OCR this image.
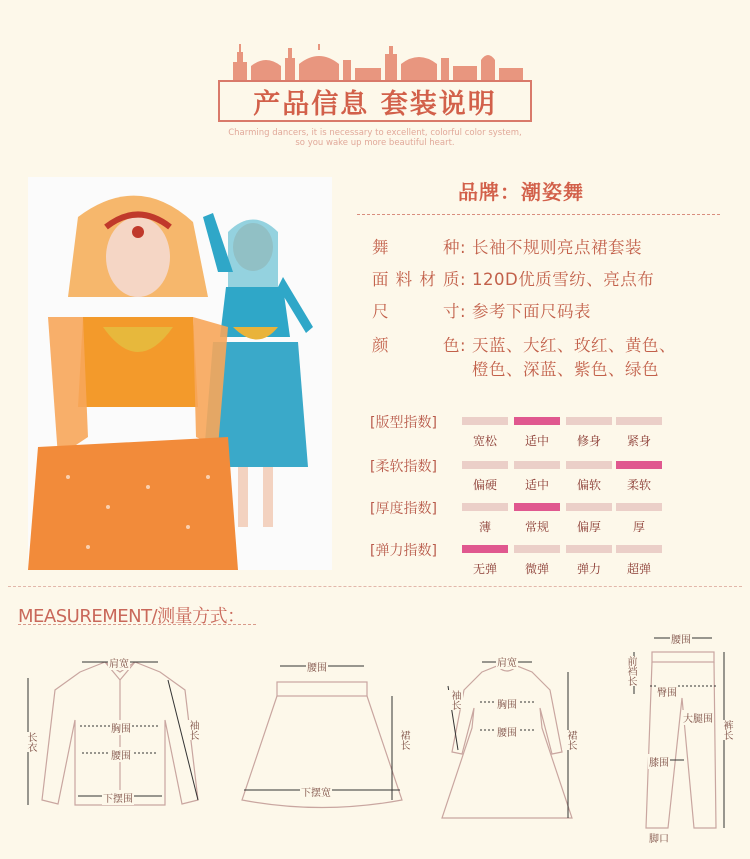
产品信息 套装说明
Charming dancers, it is necessary to excellent, colorful color system,
so you wake up more beautiful heart.
品牌：潮姿舞
舞种: 长袖不规则亮点裙套装
面料材质: 120D优质雪纺、亮点布
尺寸: 参考下面尺码表
颜色: 天蓝、大红、玫红、黄色、
橙色、深蓝、紫色、绿色
[版型指数]
宽松	适中	修身	紧身
[柔软指数]
偏硬	适中	偏软	柔软
[厚度指数]
薄	常规	偏厚	厚
[弹力指数]
无弹	微弹	弹力	超弹
MEASUREMENT/测量方式：
肩宽
胸围
腰围
下摆围
长衣
袖长
腰围
下摆宽
裙长
肩宽
胸围
腰围
袖长
裙长
腰围
前裆长
臀围
大腿围
膝围
裤长
脚口
